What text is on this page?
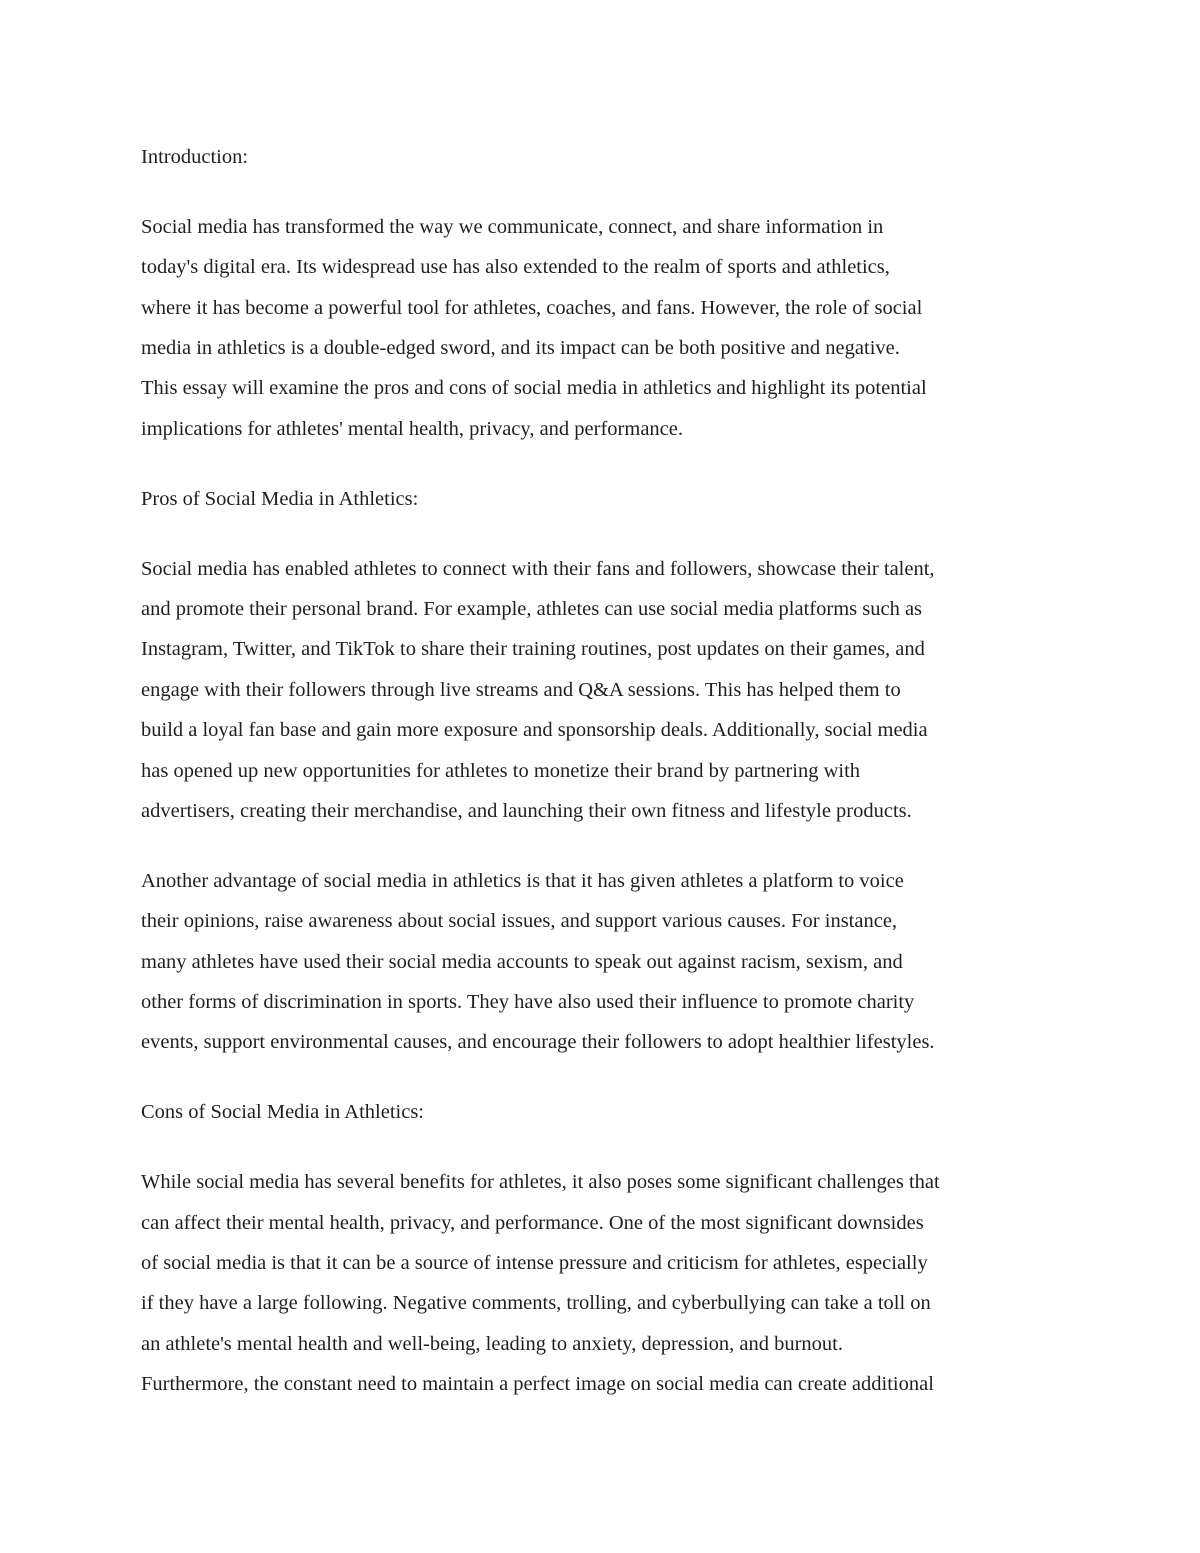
Introduction:
Social media has transformed the way we communicate, connect, and share information in
today's digital era. Its widespread use has also extended to the realm of sports and athletics,
where it has become a powerful tool for athletes, coaches, and fans. However, the role of social
media in athletics is a double-edged sword, and its impact can be both positive and negative.
This essay will examine the pros and cons of social media in athletics and highlight its potential
implications for athletes' mental health, privacy, and performance.
Pros of Social Media in Athletics:
Social media has enabled athletes to connect with their fans and followers, showcase their talent,
and promote their personal brand. For example, athletes can use social media platforms such as
Instagram, Twitter, and TikTok to share their training routines, post updates on their games, and
engage with their followers through live streams and Q&A sessions. This has helped them to
build a loyal fan base and gain more exposure and sponsorship deals. Additionally, social media
has opened up new opportunities for athletes to monetize their brand by partnering with
advertisers, creating their merchandise, and launching their own fitness and lifestyle products.
Another advantage of social media in athletics is that it has given athletes a platform to voice
their opinions, raise awareness about social issues, and support various causes. For instance,
many athletes have used their social media accounts to speak out against racism, sexism, and
other forms of discrimination in sports. They have also used their influence to promote charity
events, support environmental causes, and encourage their followers to adopt healthier lifestyles.
Cons of Social Media in Athletics:
While social media has several benefits for athletes, it also poses some significant challenges that
can affect their mental health, privacy, and performance. One of the most significant downsides
of social media is that it can be a source of intense pressure and criticism for athletes, especially
if they have a large following. Negative comments, trolling, and cyberbullying can take a toll on
an athlete's mental health and well-being, leading to anxiety, depression, and burnout.
Furthermore, the constant need to maintain a perfect image on social media can create additional
